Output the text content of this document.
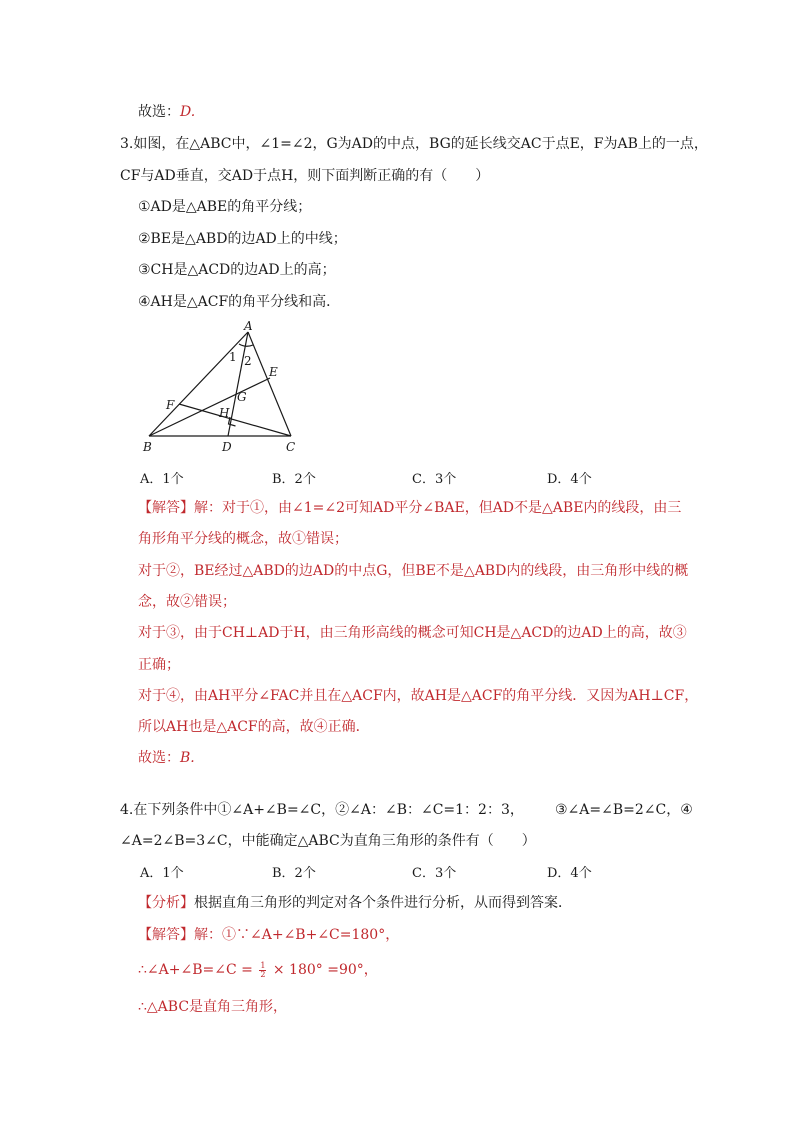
故选：D.
3.如图，在△ABC中，∠1=∠2，G为AD的中点，BG的延长线交AC于点E，F为AB上的一点，
CF与AD垂直，交AD于点H，则下面判断正确的有（　　）
①AD是△ABE的角平分线；
②BE是△ABD的边AD上的中线；
③CH是△ACD的边AD上的高；
④AH是△ACF的角平分线和高．
A
B	C
D
E
F
G
H
1 2
A．1个	B．2个	C．3个	D．4个
【解答】解：对于①，由∠1=∠2可知AD平分∠BAE，但AD不是△ABE内的线段，由三
角形角平分线的概念，故①错误；
对于②，BE经过△ABD的边AD的中点G，但BE不是△ABD内的线段，由三角形中线的概
念，故②错误；
对于③，由于CH⊥AD于H，由三角形高线的概念可知CH是△ACD的边AD上的高，故③
正确；
对于④，由AH平分∠FAC并且在△ACF内，故AH是△ACF的角平分线．又因为AH⊥CF，
所以AH也是△ACF的高，故④正确．
故选：B.
4.在下列条件中①∠A+∠B=∠C，②∠A：∠B：∠C=1：2：3， ③∠A=∠B=2∠C，④
∠A=2∠B=3∠C，中能确定△ABC为直角三角形的条件有（　　）
A．1个	B．2个	C．3个	D．4个
【分析】根据直角三角形的判定对各个条件进行分析，从而得到答案．
【解答】解：①∵∠A+∠B+∠C=180°，
∴∠A+∠B=∠C = $\frac{1}{2} \times 180^\circ =90^\circ$，
∴△ABC是直角三角形，
